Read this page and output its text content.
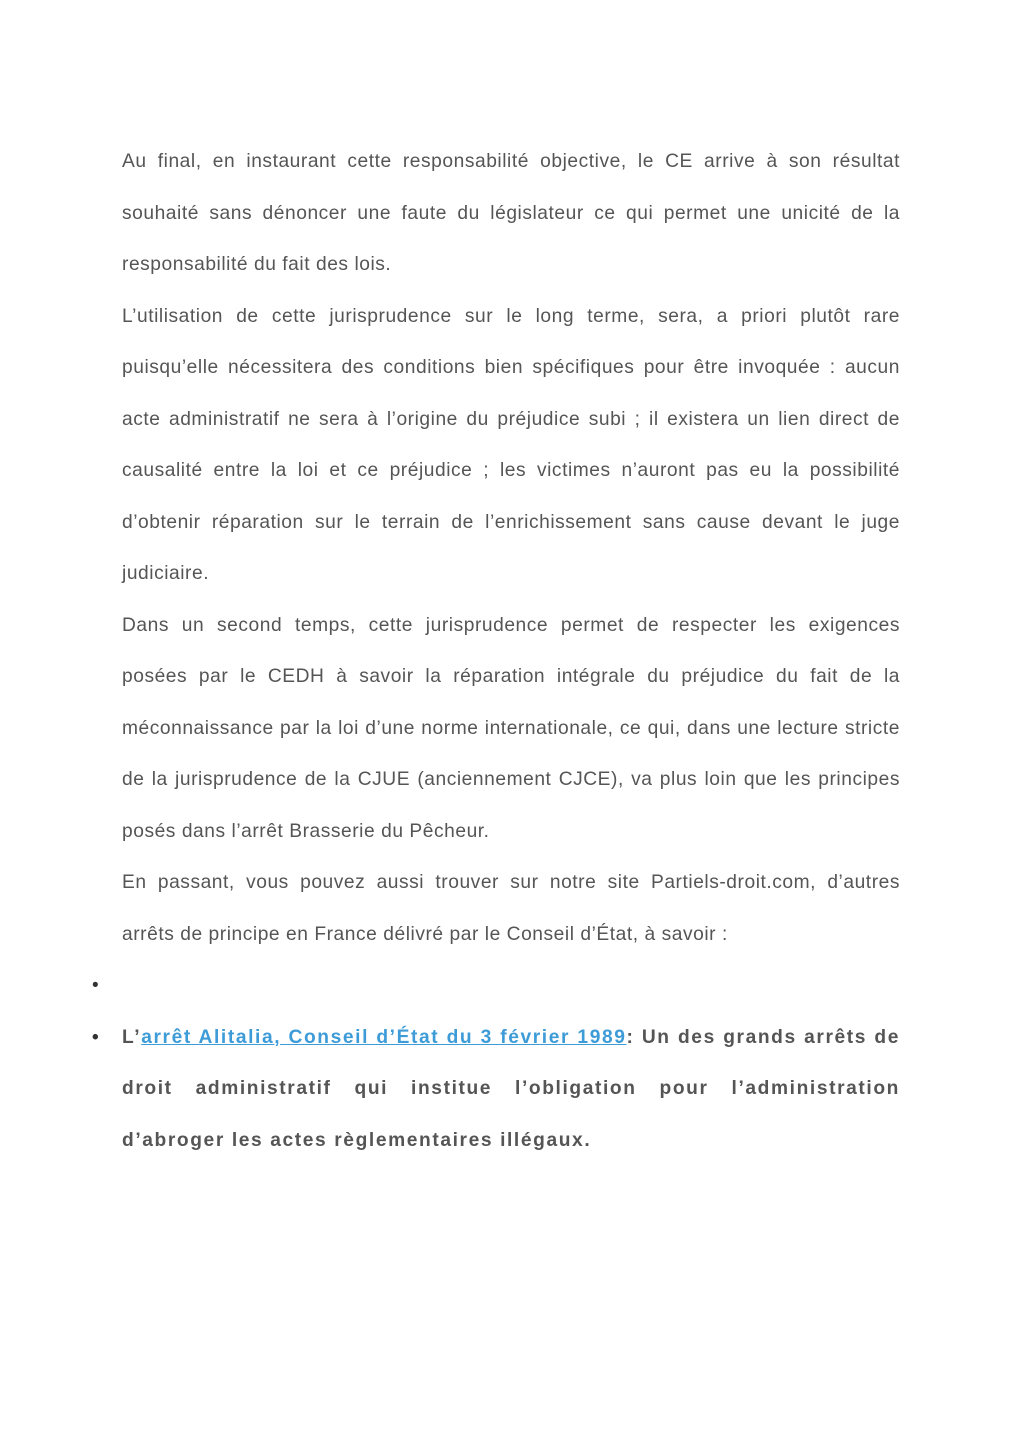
Au final, en instaurant cette responsabilité objective, le CE arrive à son résultat souhaité sans dénoncer une faute du législateur ce qui permet une unicité de la responsabilité du fait des lois.

L’utilisation de cette jurisprudence sur le long terme, sera, a priori plutôt rare puisqu’elle nécessitera des conditions bien spécifiques pour être invoquée : aucun acte administratif ne sera à l’origine du préjudice subi ; il existera un lien direct de causalité entre la loi et ce préjudice ; les victimes n’auront pas eu la possibilité d’obtenir réparation sur le terrain de l’enrichissement sans cause devant le juge judiciaire.

Dans un second temps, cette jurisprudence permet de respecter les exigences posées par le CEDH à savoir la réparation intégrale du préjudice du fait de la méconnaissance par la loi d’une norme internationale, ce qui, dans une lecture stricte de la jurisprudence de la CJUE (anciennement CJCE), va plus loin que les principes posés dans l’arrêt Brasserie du Pêcheur.

En passant, vous pouvez aussi trouver sur notre site Partiels-droit.com, d’autres arrêts de principe en France délivré par le Conseil d’État, à savoir :

•

• L’arrêt Alitalia, Conseil d’État du 3 février 1989: Un des grands arrêts de droit administratif qui institue l’obligation pour l’administration d’abroger les actes règlementaires illégaux.
